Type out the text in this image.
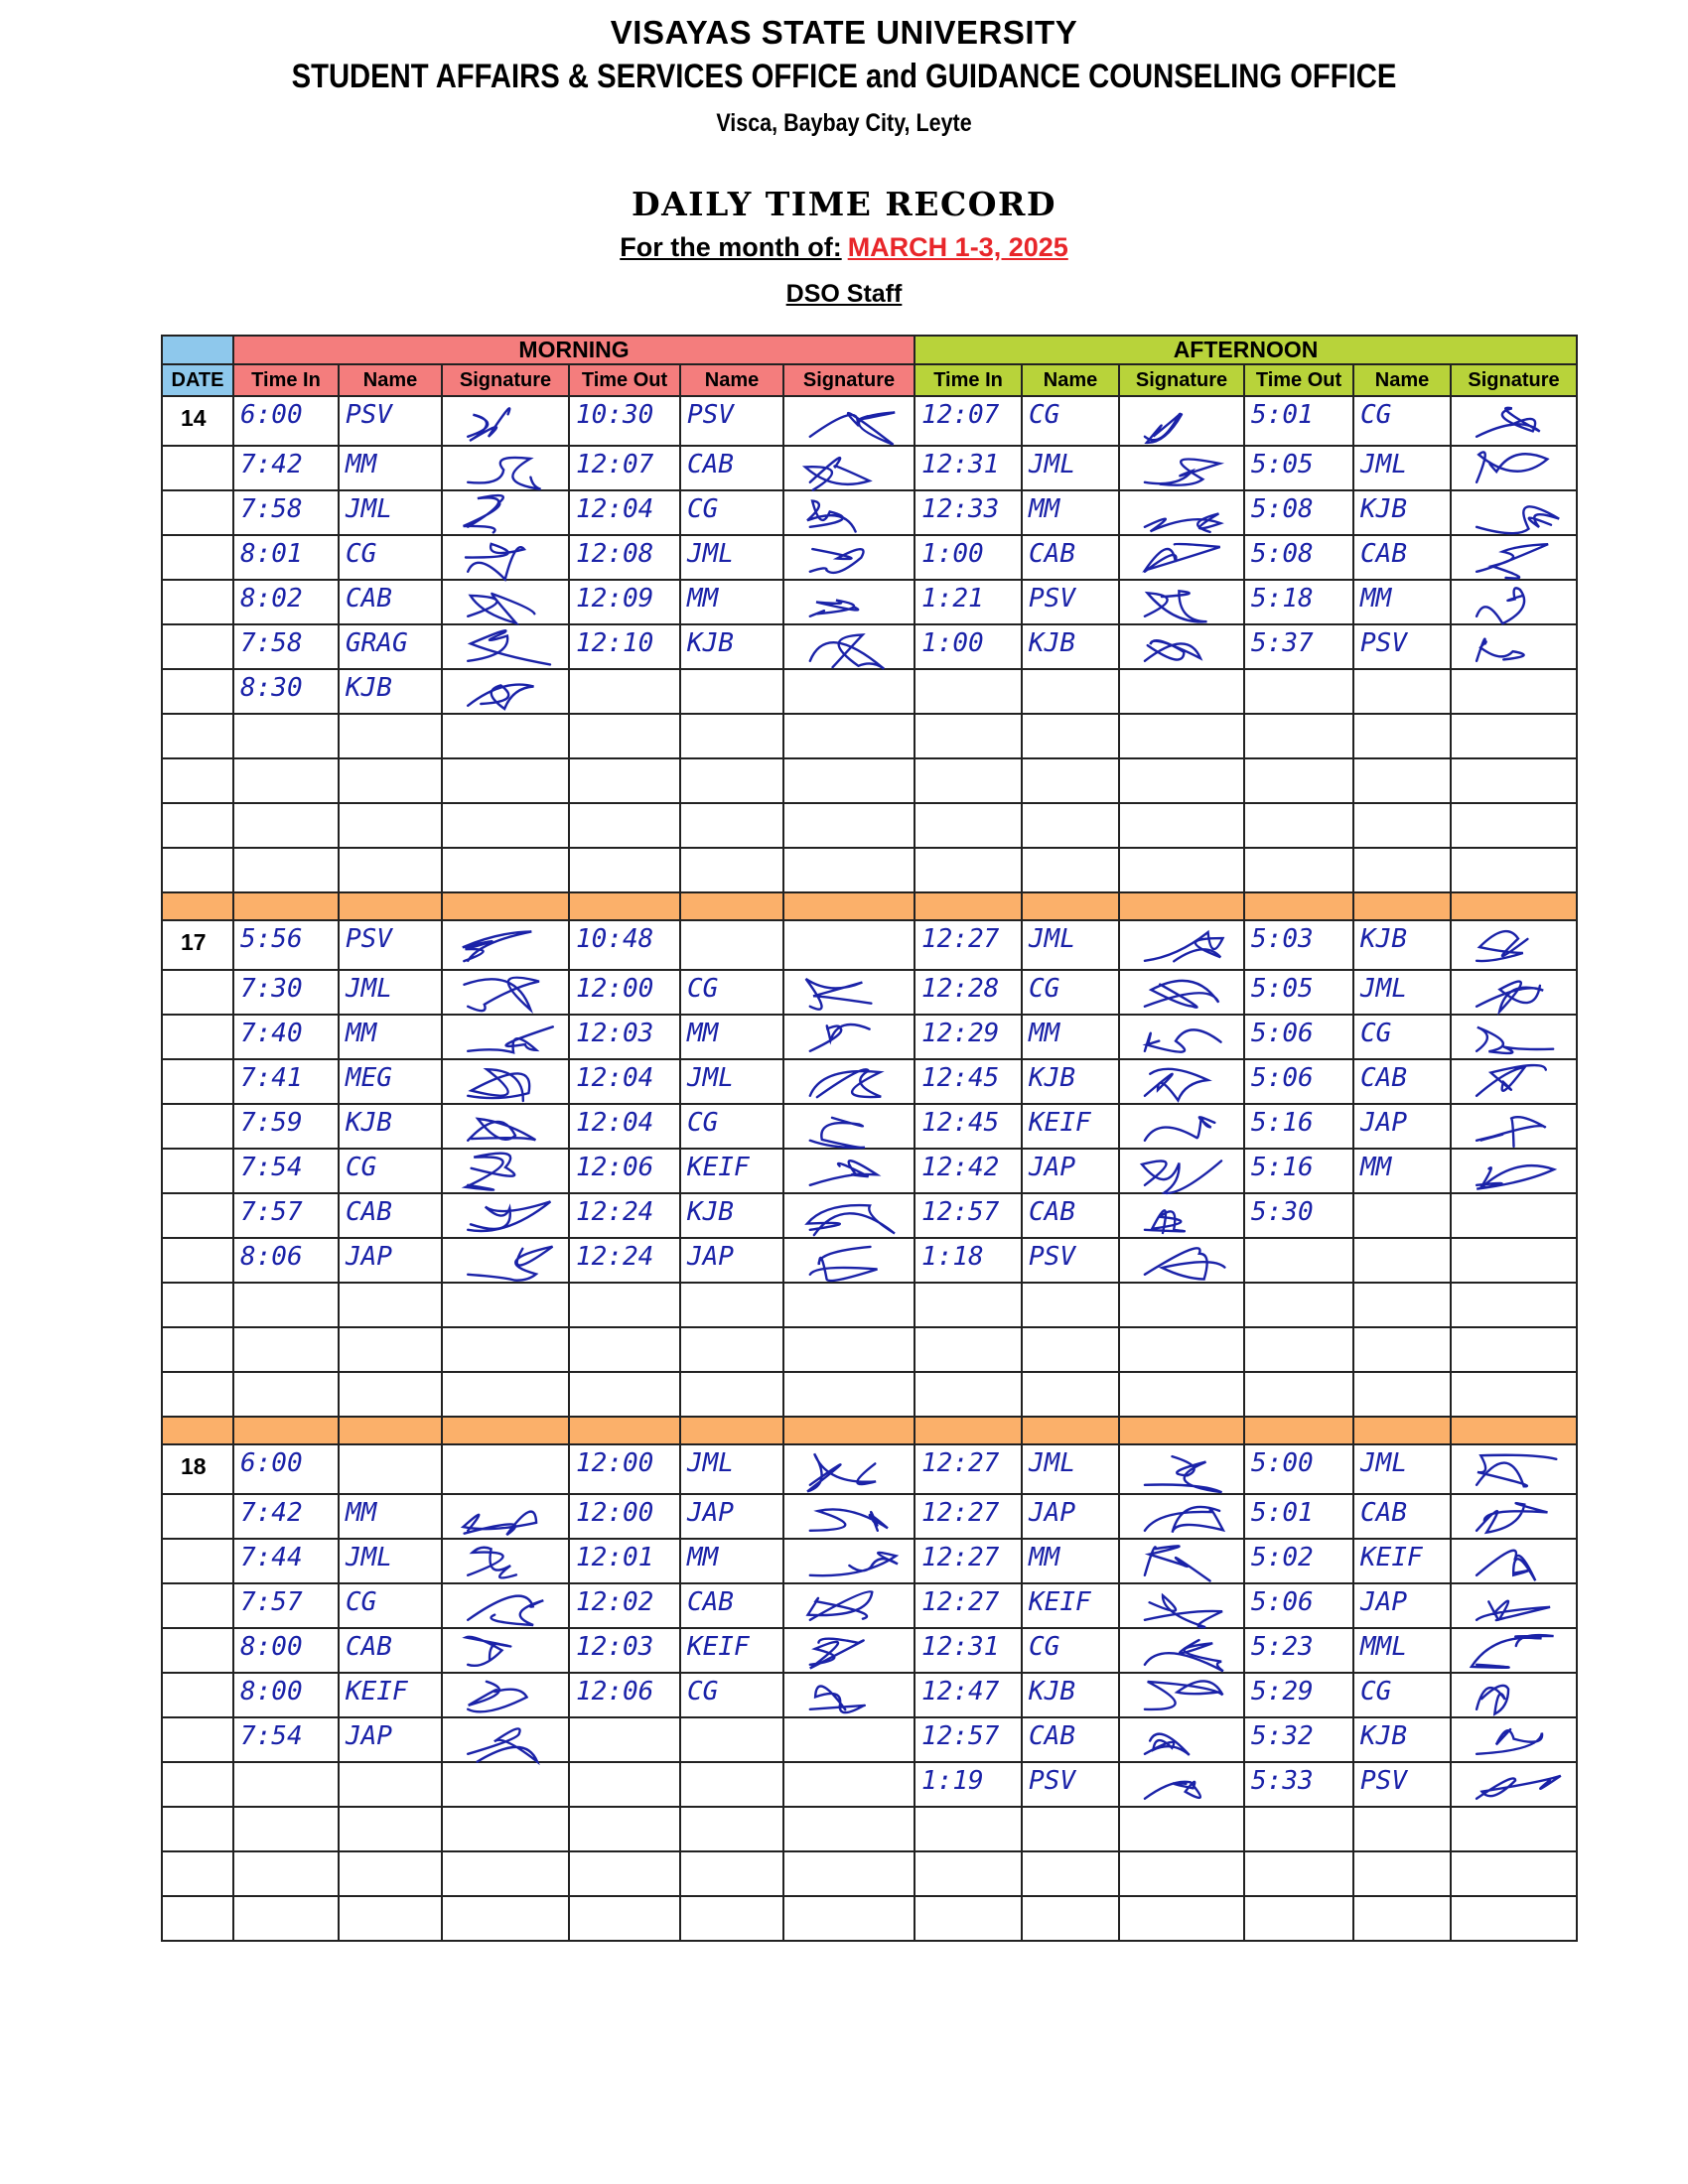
VISAYAS STATE UNIVERSITY
STUDENT AFFAIRS & SERVICES OFFICE and GUIDANCE COUNSELING OFFICE
Visca, Baybay City, Leyte
DAILY TIME RECORD
For the month of: MARCH 1-3, 2025
DSO Staff
	MORNING						AFTERNOON					
DATE	Time In	Name	Signature	Time Out	Name	Signature	Time In	Name	Signature	Time Out	Name	Signature
14	6:00	PSV		10:30	PSV		12:07	CG		5:01	CG	
	7:42	MM		12:07	CAB		12:31	JML		5:05	JML	
	7:58	JML		12:04	CG		12:33	MM		5:08	KJB	
	8:01	CG		12:08	JML		1:00	CAB		5:08	CAB	
	8:02	CAB		12:09	MM		1:21	PSV		5:18	MM	
	7:58	GRAG		12:10	KJB		1:00	KJB		5:37	PSV	
	8:30	KJB										

17	5:56	PSV		10:48			12:27	JML		5:03	KJB	
	7:30	JML		12:00	CG		12:28	CG		5:05	JML	
	7:40	MM		12:03	MM		12:29	MM		5:06	CG	
	7:41	MEG		12:04	JML		12:45	KJB		5:06	CAB	
	7:59	KJB		12:04	CG		12:45	KEIF		5:16	JAP	
	7:54	CG		12:06	KEIF		12:42	JAP		5:16	MM	
	7:57	CAB		12:24	KJB		12:57	CAB		5:30		
	8:06	JAP		12:24	JAP		1:18	PSV				

18	6:00			12:00	JML		12:27	JML		5:00	JML	
	7:42	MM		12:00	JAP		12:27	JAP		5:01	CAB	
	7:44	JML		12:01	MM		12:27	MM		5:02	KEIF	
	7:57	CG		12:02	CAB		12:27	KEIF		5:06	JAP	
	8:00	CAB		12:03	KEIF		12:31	CG		5:23	MML	
	8:00	KEIF		12:06	CG		12:47	KJB		5:29	CG	
	7:54	JAP					12:57	CAB		5:32	KJB	
							1:19	PSV		5:33	PSV	
